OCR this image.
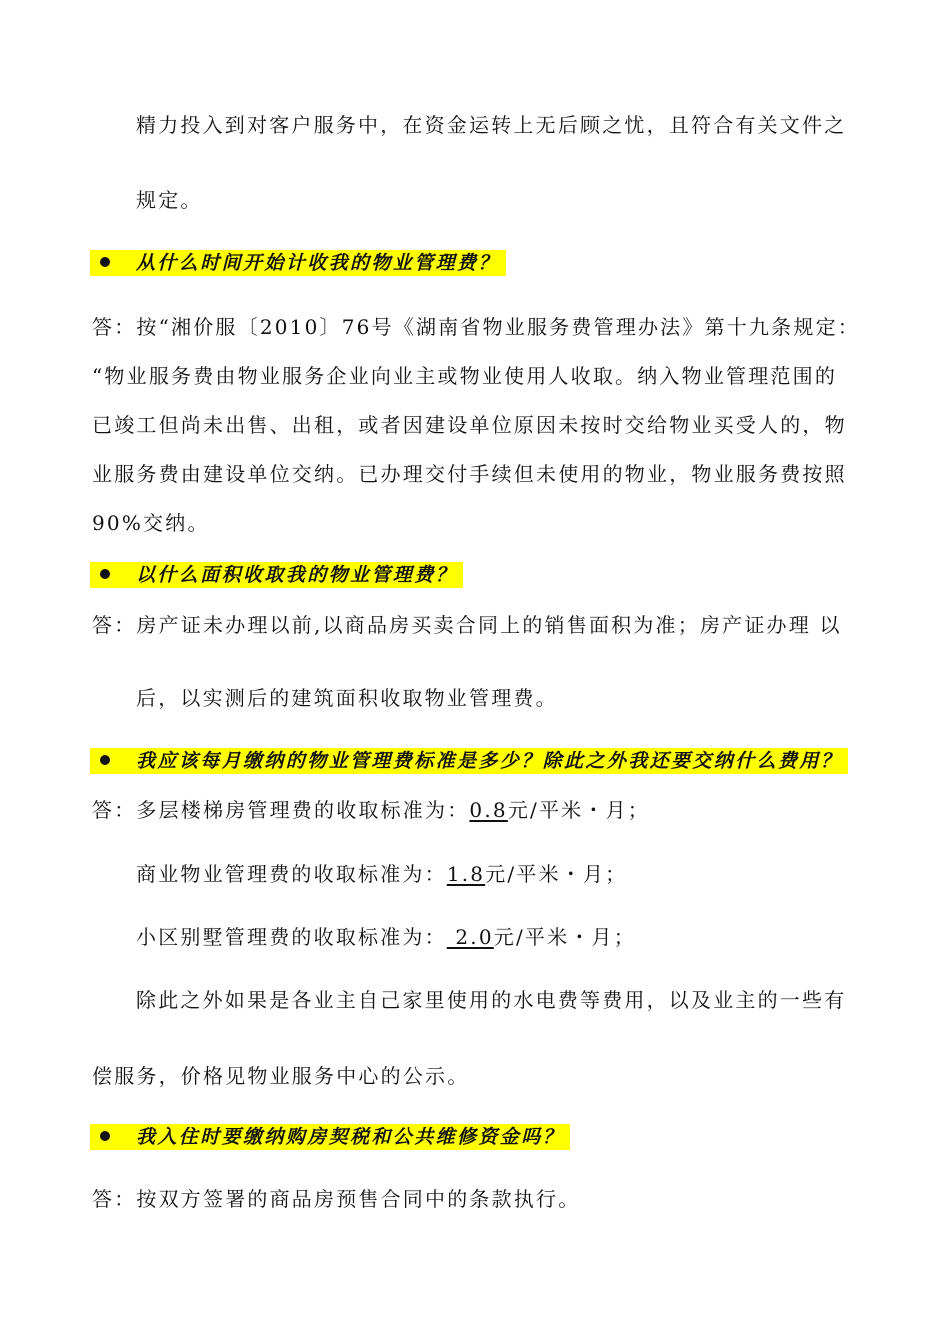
精力投入到对客户服务中，在资金运转上无后顾之忧，且符合有关文件之
规定。
从什么时间开始计收我的物业管理费？
答：按“湘价服〔2010〕76号《湖南省物业服务费管理办法》第十九条规定：
“物业服务费由物业服务企业向业主或物业使用人收取。纳入物业管理范围的
已竣工但尚未出售、出租，或者因建设单位原因未按时交给物业买受人的，物
业服务费由建设单位交纳。已办理交付手续但未使用的物业，物业服务费按照
90%交纳。
以什么面积收取我的物业管理费？
答：房产证未办理以前,以商品房买卖合同上的销售面积为准；房产证办理 以
后，以实测后的建筑面积收取物业管理费。
我应该每月缴纳的物业管理费标准是多少？除此之外我还要交纳什么费用？
答：多层楼梯房管理费的收取标准为：0.8元/平米・月；
商业物业管理费的收取标准为：1.8元/平米・月；
小区别墅管理费的收取标准为： 2.0元/平米・月；
除此之外如果是各业主自己家里使用的水电费等费用，以及业主的一些有
偿服务，价格见物业服务中心的公示。
我入住时要缴纳购房契税和公共维修资金吗？
答：按双方签署的商品房预售合同中的条款执行。
